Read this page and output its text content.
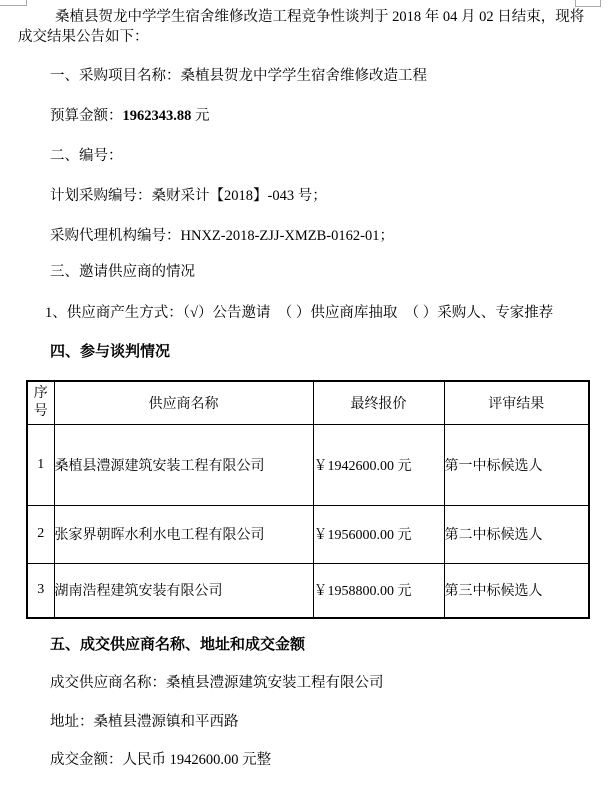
桑植县贺龙中学学生宿舍维修改造工程竞争性谈判于 2018 年 04 月 02 日结束，现将成交结果公告如下：

一、采购项目名称：桑植县贺龙中学学生宿舍维修改造工程

预算金额：1962343.88 元

二、编号：

计划采购编号：桑财采计【2018】-043 号；

采购代理机构编号：HNXZ-2018-ZJJ-XMZB-0162-01；

三、邀请供应商的情况

1、供应商产生方式：（√）公告邀请　（ ）供应商库抽取　（ ）采购人、专家推荐

四、参与谈判情况

序号	供应商名称	最终报价	评审结果
1	桑植县澧源建筑安装工程有限公司	￥1942600.00 元	第一中标候选人
2	张家界朝晖水利水电工程有限公司	￥1956000.00 元	第二中标候选人
3	湖南浩程建筑安装有限公司	￥1958800.00 元	第三中标候选人

五、成交供应商名称、地址和成交金额

成交供应商名称：桑植县澧源建筑安装工程有限公司

地址：桑植县澧源镇和平西路

成交金额：人民币 1942600.00 元整
